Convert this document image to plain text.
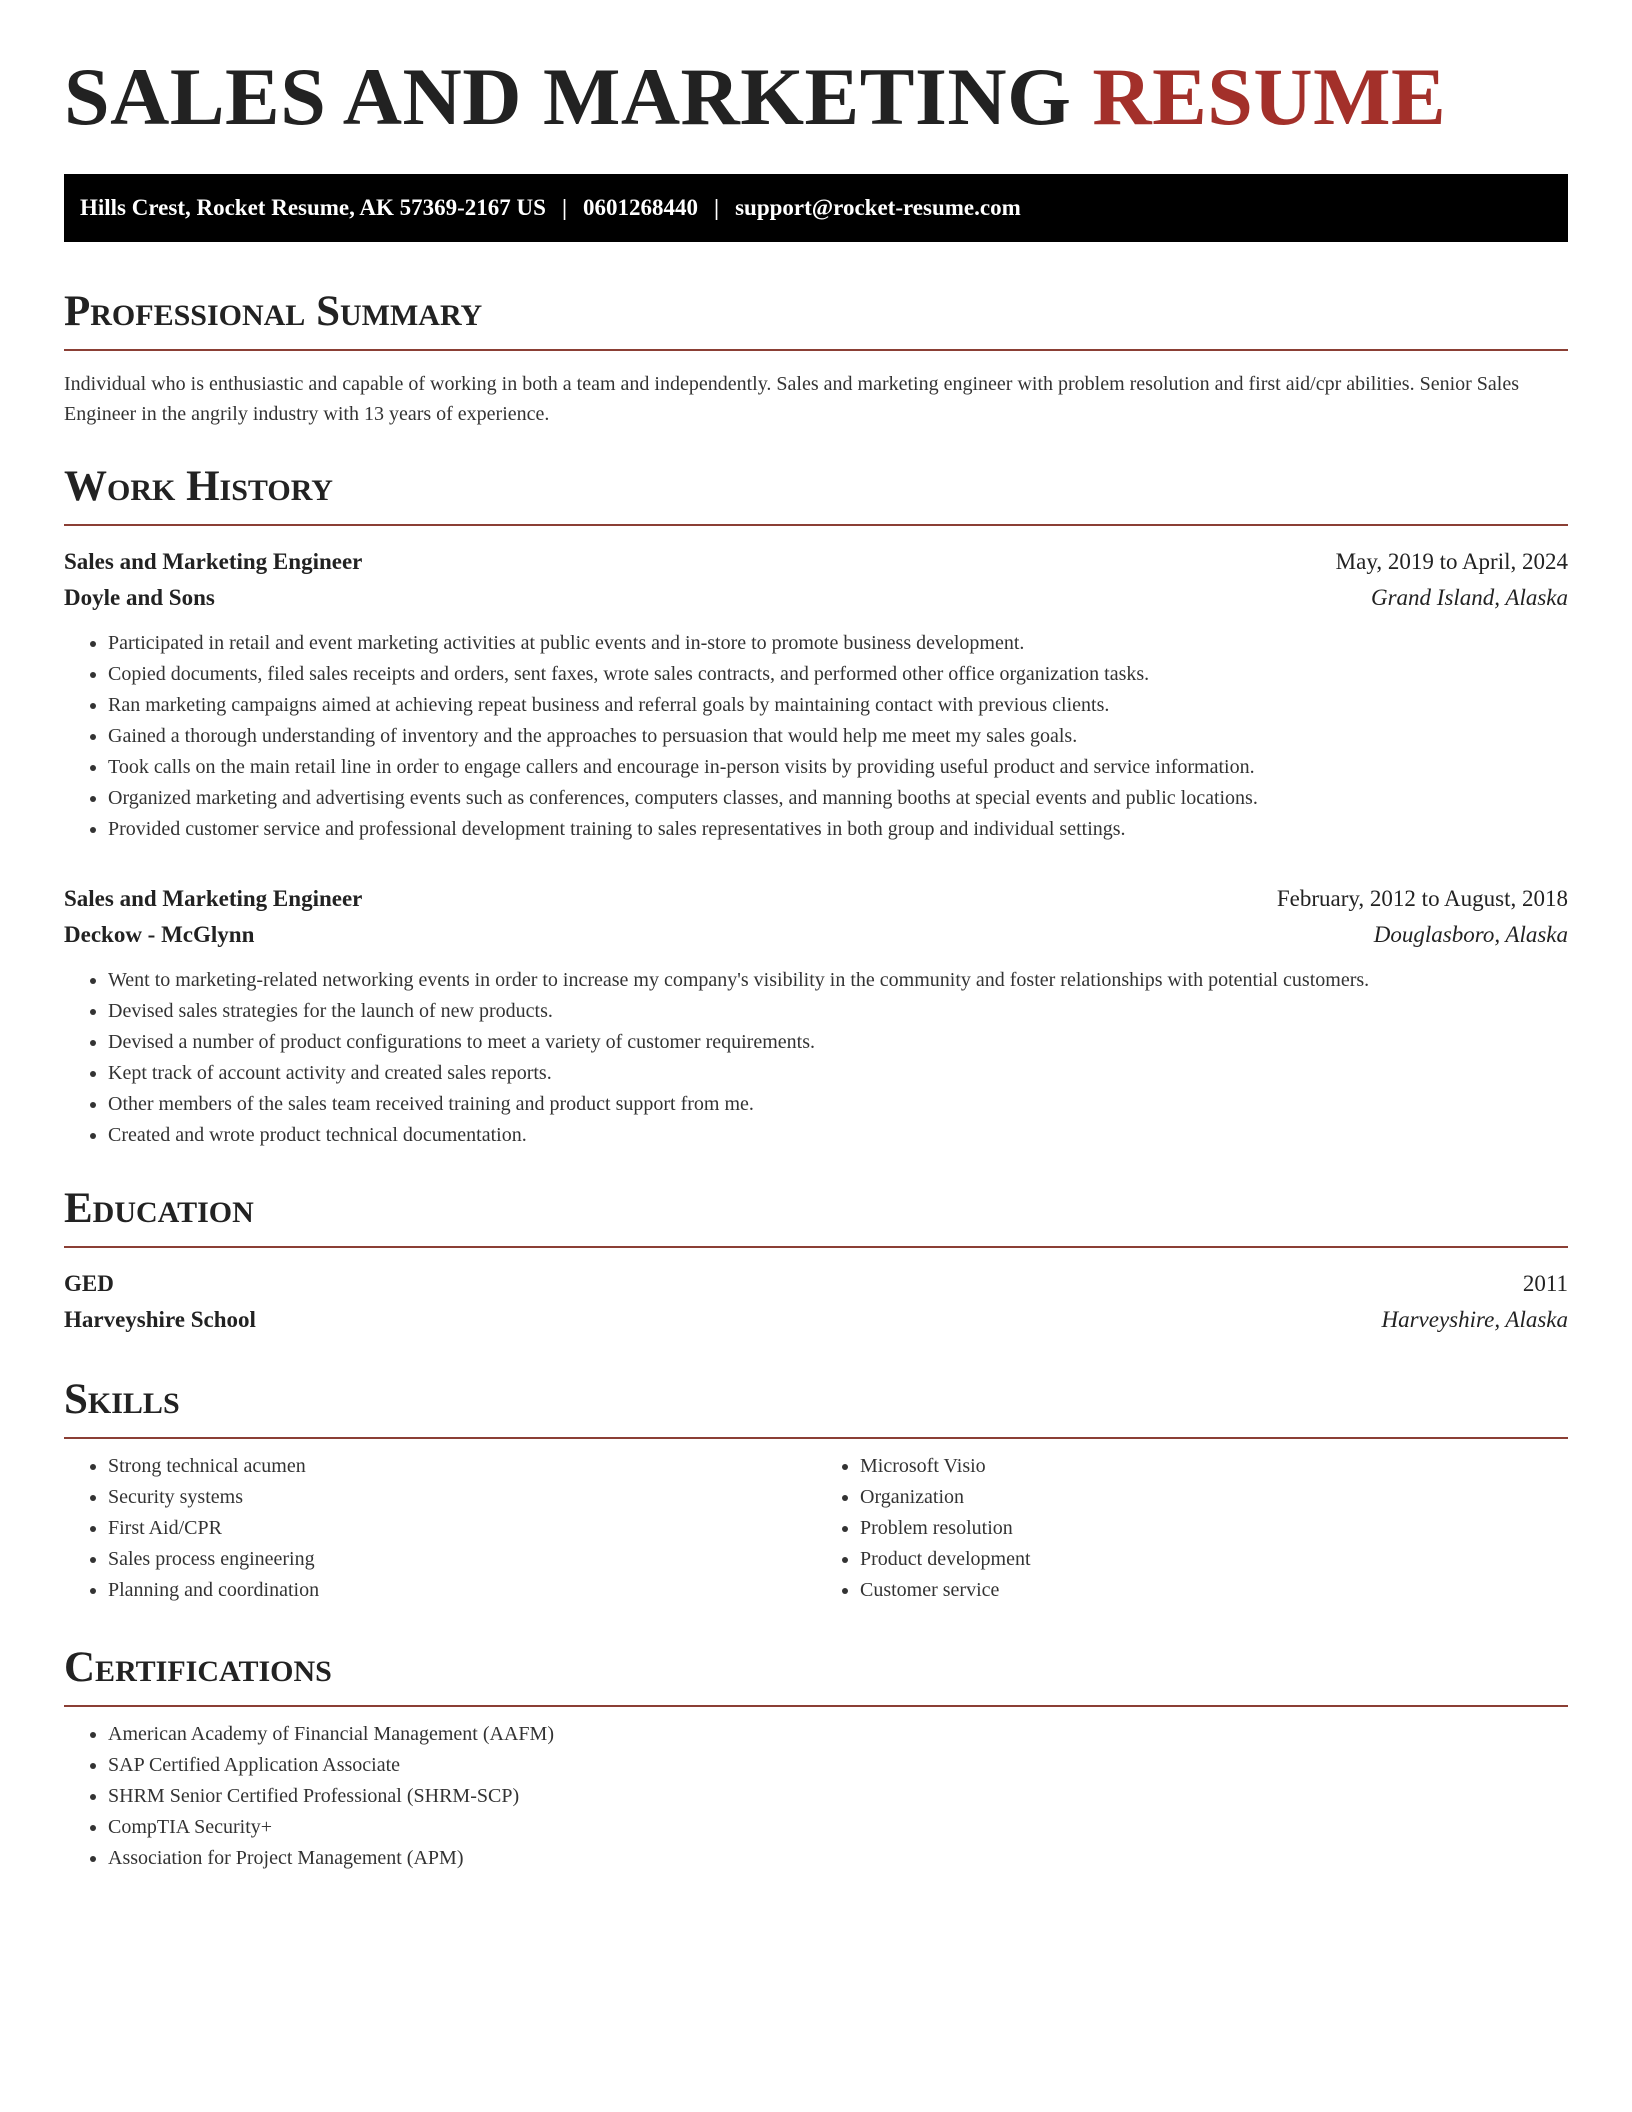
SALES AND MARKETING RESUME
Hills Crest, Rocket Resume, AK 57369-2167 US | 0601268440 | support@rocket-resume.com
Professional Summary
Individual who is enthusiastic and capable of working in both a team and independently. Sales and marketing engineer with problem resolution and first aid/cpr abilities. Senior Sales Engineer in the angrily industry with 13 years of experience.
Work History
Sales and Marketing Engineer	May, 2019 to April, 2024
Doyle and Sons	Grand Island, Alaska
• Participated in retail and event marketing activities at public events and in-store to promote business development.
• Copied documents, filed sales receipts and orders, sent faxes, wrote sales contracts, and performed other office organization tasks.
• Ran marketing campaigns aimed at achieving repeat business and referral goals by maintaining contact with previous clients.
• Gained a thorough understanding of inventory and the approaches to persuasion that would help me meet my sales goals.
• Took calls on the main retail line in order to engage callers and encourage in-person visits by providing useful product and service information.
• Organized marketing and advertising events such as conferences, computers classes, and manning booths at special events and public locations.
• Provided customer service and professional development training to sales representatives in both group and individual settings.
Sales and Marketing Engineer	February, 2012 to August, 2018
Deckow - McGlynn	Douglasboro, Alaska
• Went to marketing-related networking events in order to increase my company's visibility in the community and foster relationships with potential customers.
• Devised sales strategies for the launch of new products.
• Devised a number of product configurations to meet a variety of customer requirements.
• Kept track of account activity and created sales reports.
• Other members of the sales team received training and product support from me.
• Created and wrote product technical documentation.
Education
GED	2011
Harveyshire School	Harveyshire, Alaska
Skills
• Strong technical acumen
• Security systems
• First Aid/CPR
• Sales process engineering
• Planning and coordination
• Microsoft Visio
• Organization
• Problem resolution
• Product development
• Customer service
Certifications
• American Academy of Financial Management (AAFM)
• SAP Certified Application Associate
• SHRM Senior Certified Professional (SHRM-SCP)
• CompTIA Security+
• Association for Project Management (APM)
